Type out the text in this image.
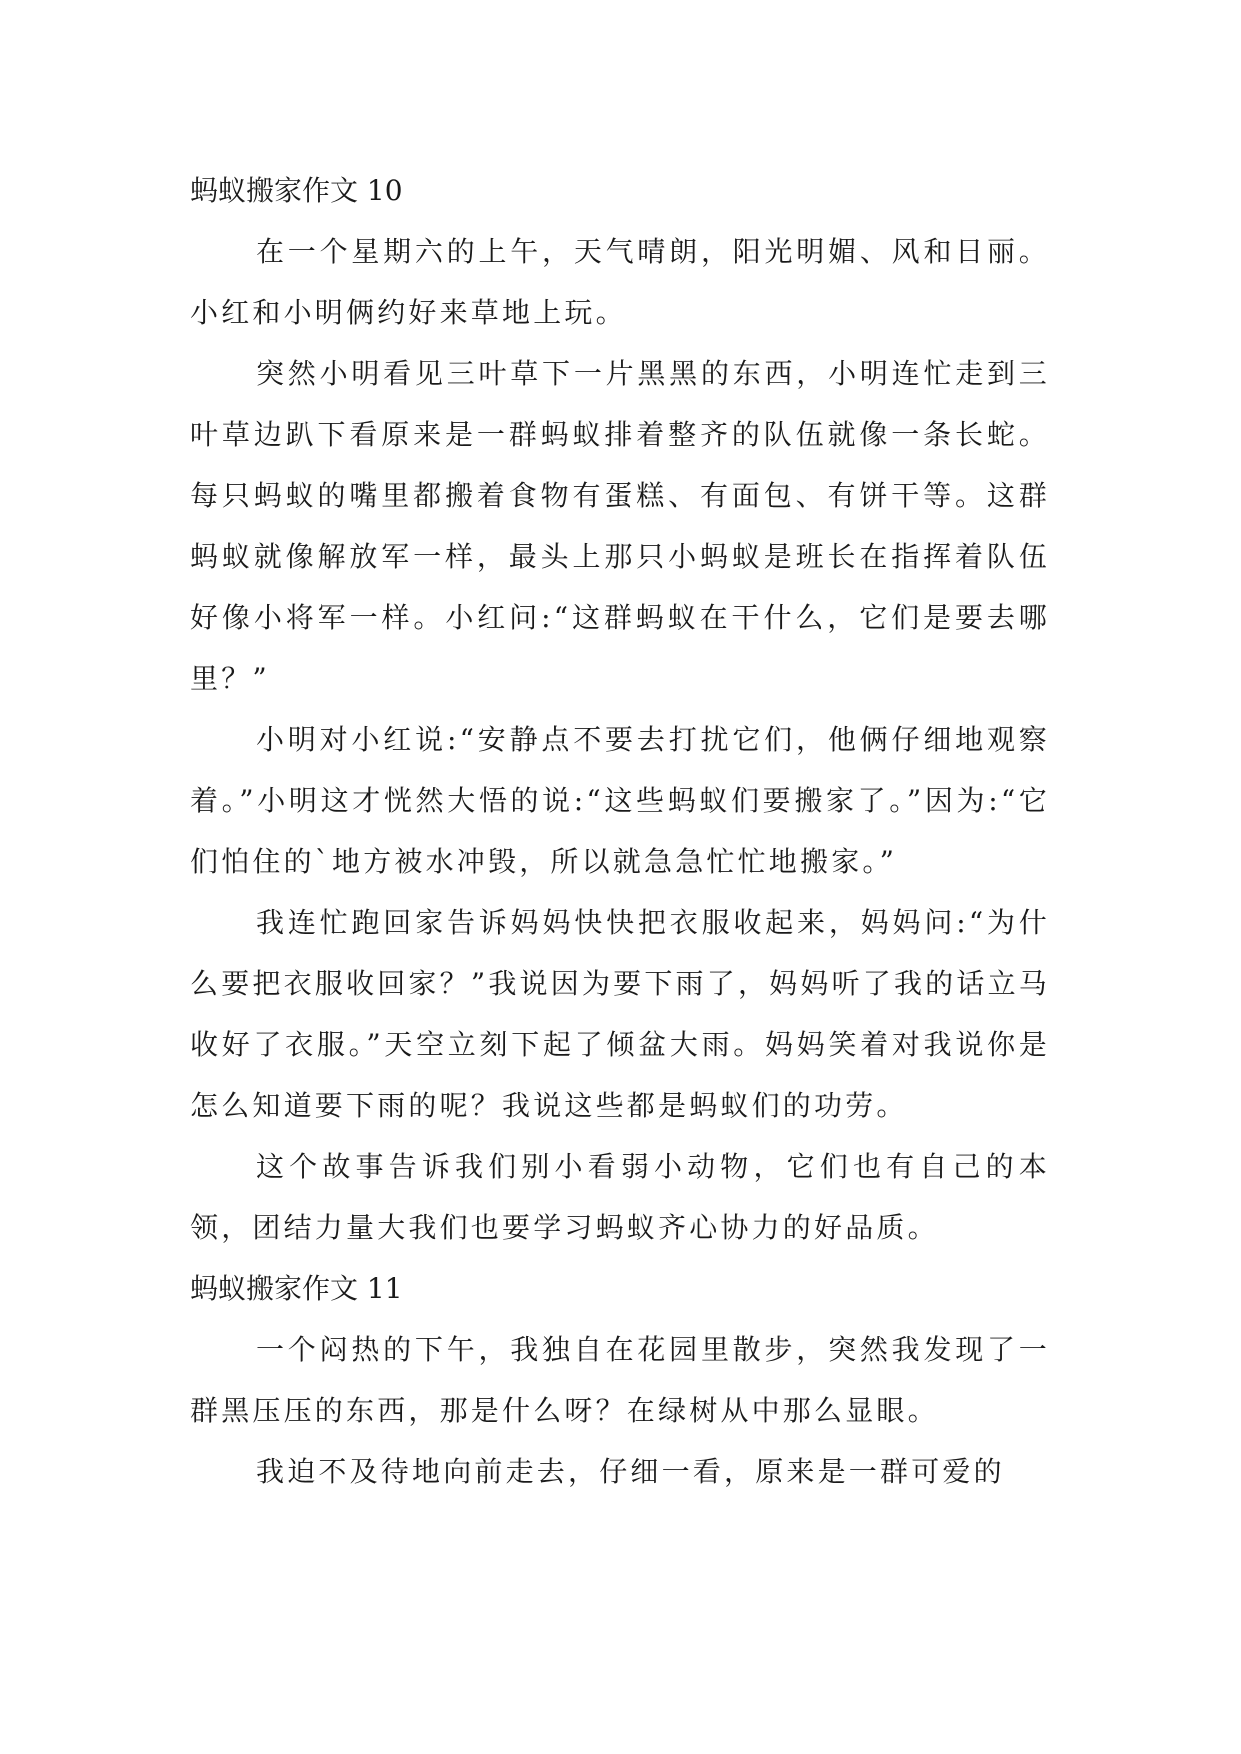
蚂蚁搬家作文 10

在一个星期六的上午，天气晴朗，阳光明媚、风和日丽。小红和小明俩约好来草地上玩。

突然小明看见三叶草下一片黑黑的东西，小明连忙走到三叶草边趴下看原来是一群蚂蚁排着整齐的队伍就像一条长蛇。每只蚂蚁的嘴里都搬着食物有蛋糕、有面包、有饼干等。这群蚂蚁就像解放军一样，最头上那只小蚂蚁是班长在指挥着队伍好像小将军一样。小红问:“这群蚂蚁在干什么，它们是要去哪里？”

小明对小红说:“安静点不要去打扰它们，他俩仔细地观察着。”小明这才恍然大悟的说:“这些蚂蚁们要搬家了。”因为:“它们怕住的`地方被水冲毁，所以就急急忙忙地搬家。”

我连忙跑回家告诉妈妈快快把衣服收起来，妈妈问:“为什么要把衣服收回家？”我说因为要下雨了，妈妈听了我的话立马收好了衣服。”天空立刻下起了倾盆大雨。妈妈笑着对我说你是怎么知道要下雨的呢？我说这些都是蚂蚁们的功劳。

这个故事告诉我们别小看弱小动物，它们也有自己的本领，团结力量大我们也要学习蚂蚁齐心协力的好品质。

蚂蚁搬家作文 11

一个闷热的下午，我独自在花园里散步，突然我发现了一群黑压压的东西，那是什么呀？在绿树从中那么显眼。

我迫不及待地向前走去，仔细一看，原来是一群可爱的
